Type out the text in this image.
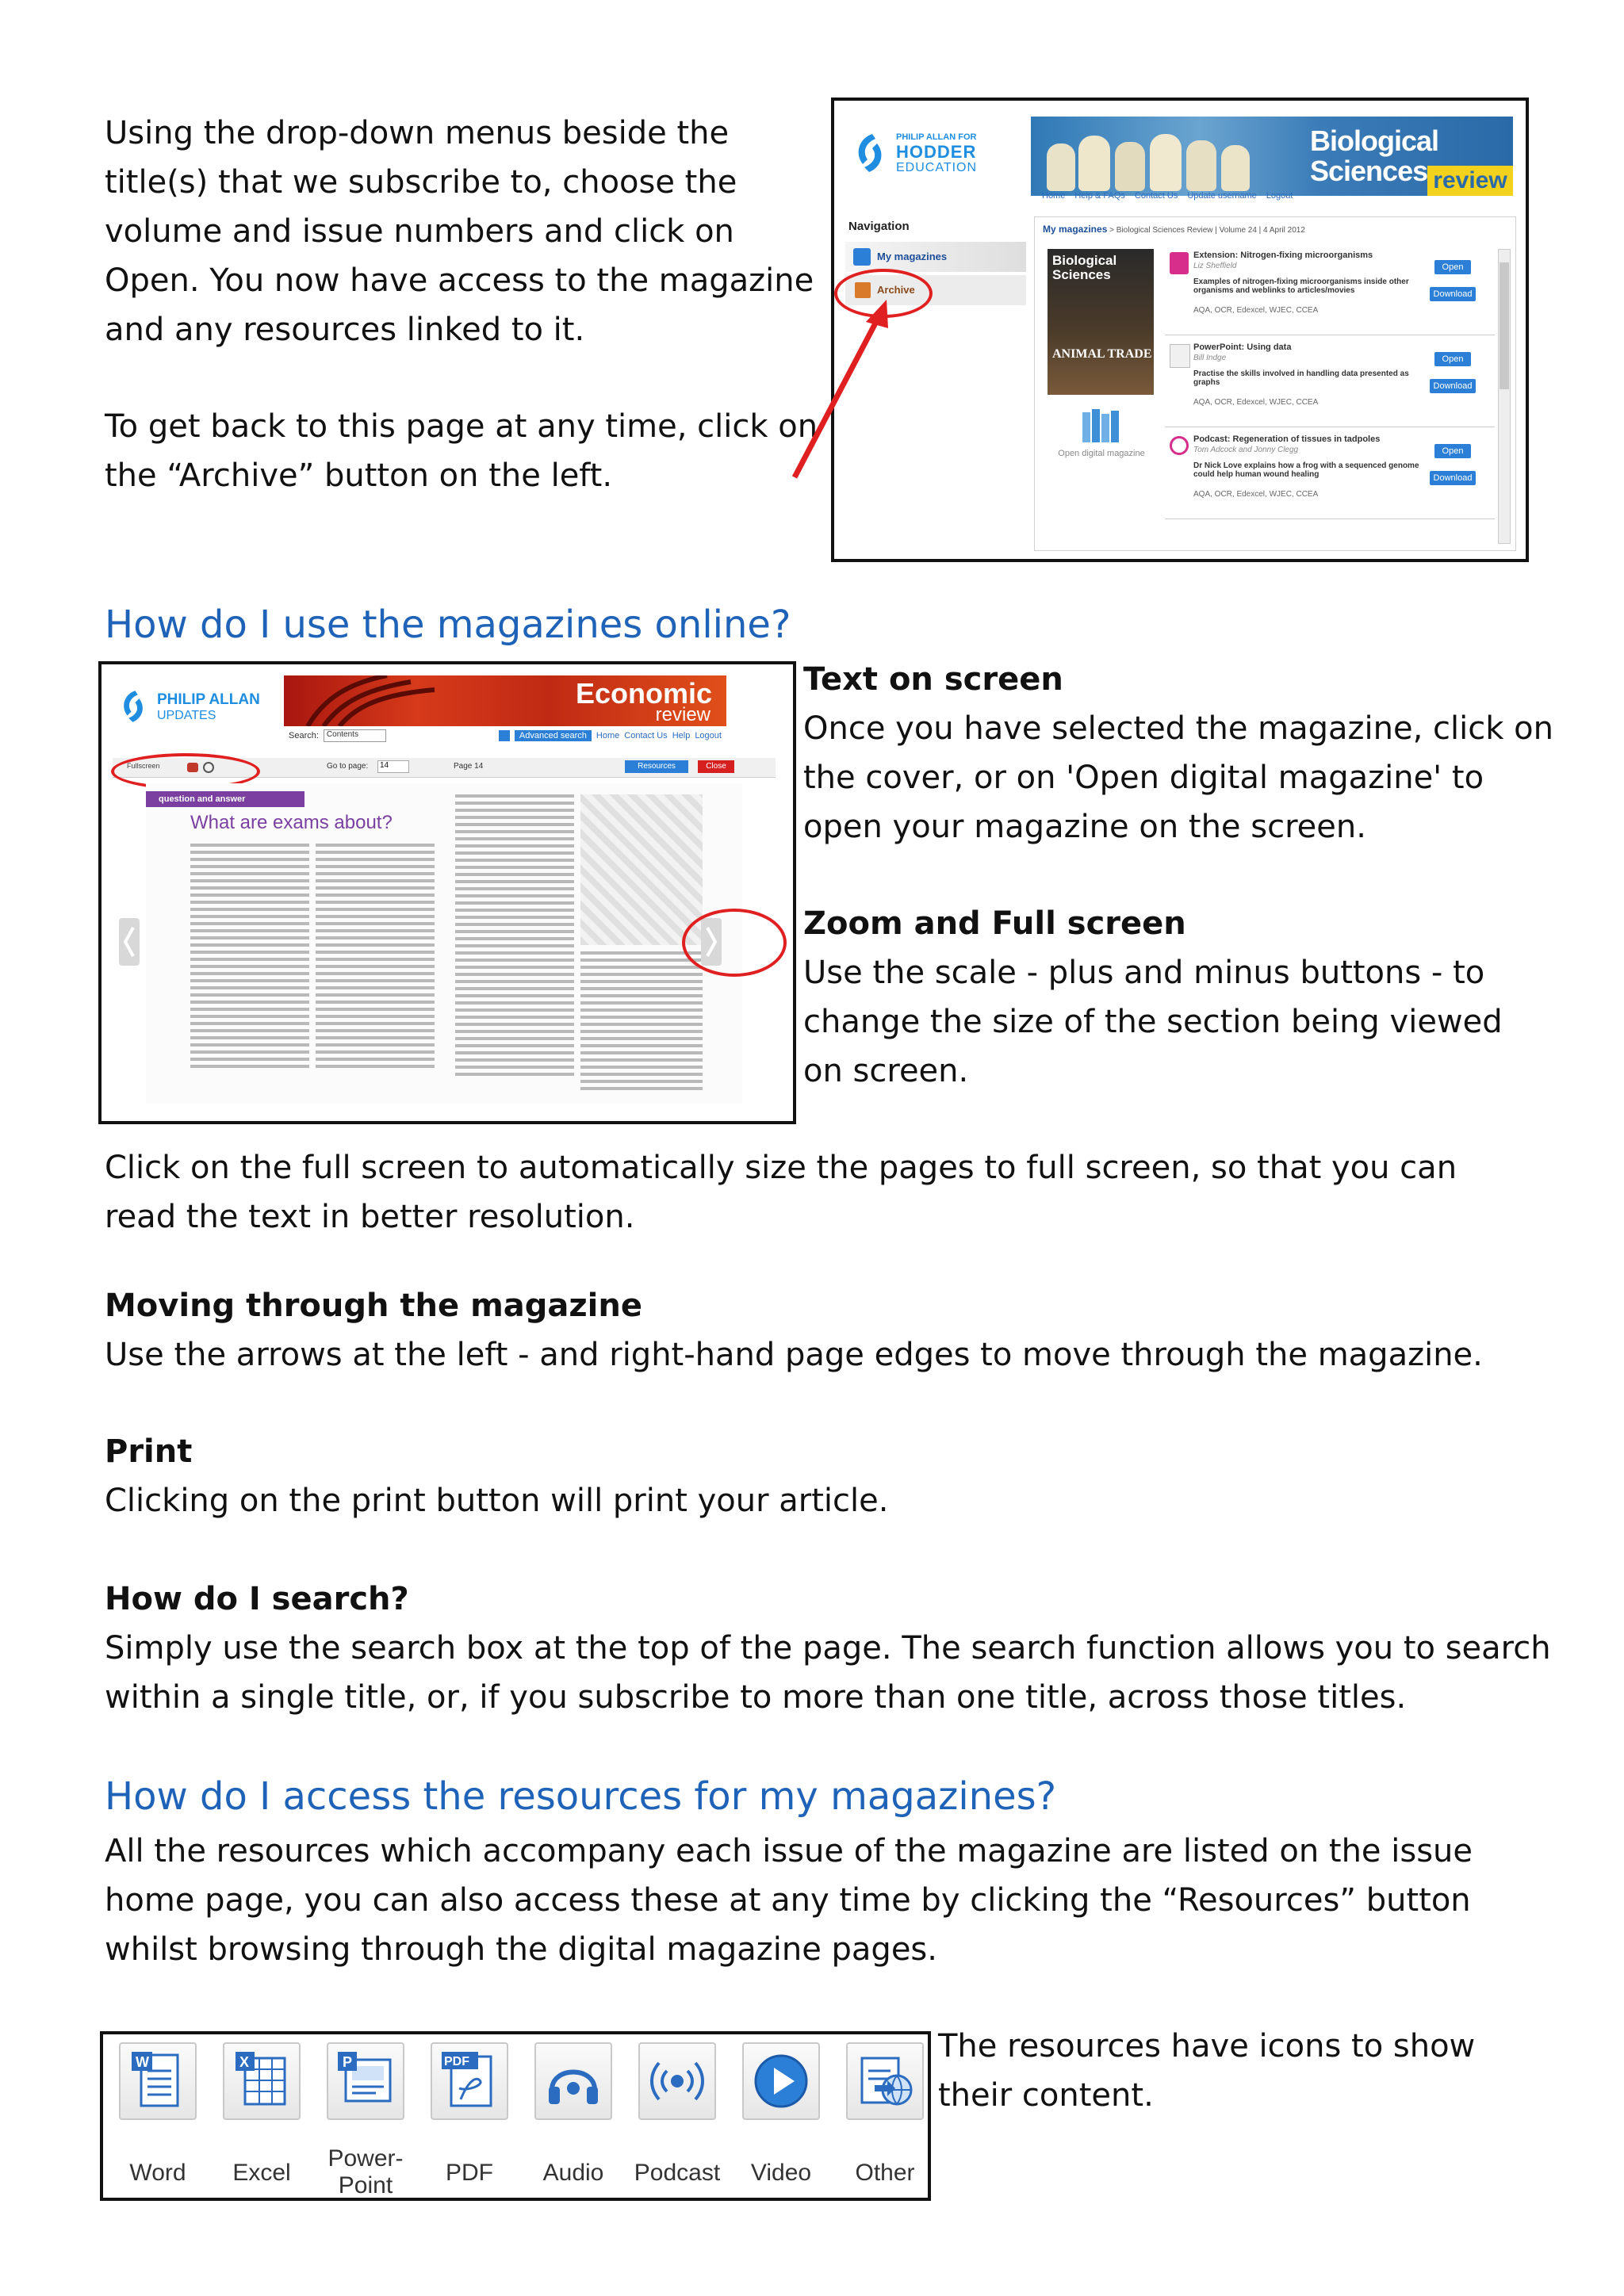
Using the drop-down menus beside the title(s) that we subscribe to, choose the volume and issue numbers and click on Open. You now have access to the magazine and any resources linked to it.

To get back to this page at any time, click on the “Archive” button on the left.

PHILIP ALLAN FOR
HODDER
EDUCATION
Biological
Sciences review
Home Help & FAQs Contact Us Update username Logout
Navigation
My magazines
Archive
My magazines > Biological Sciences Review | Volume 24 | 4 April 2012
Biological Sciences
ANIMAL TRADE
Open digital magazine
Extension: Nitrogen-fixing microorganisms
Liz Sheffield
Examples of nitrogen-fixing microorganisms inside other organisms and weblinks to articles/movies
AQA, OCR, Edexcel, WJEC, CCEA
Open
Download
PowerPoint: Using data
Bill Indge
Practise the skills involved in handling data presented as graphs
AQA, OCR, Edexcel, WJEC, CCEA
Open
Download
Podcast: Regeneration of tissues in tadpoles
Tom Adcock and Jonny Clegg
Dr Nick Love explains how a frog with a sequenced genome could help human wound healing
AQA, OCR, Edexcel, WJEC, CCEA
Open
Download
How do I use the magazines online?
PHILIP ALLAN
UPDATES
Economic
review
Search:	Contents	Advanced search	Home Contact Us Help Logout
Fullscreen	Go to page:	14	Page 14	Resources	Close
question and answer
What are exams about?

Text on screen

Once you have selected the magazine, click on the cover, or on 'Open digital magazine' to open your magazine on the screen.

Zoom and Full screen

Use the scale - plus and minus buttons - to change the size of the section being viewed on screen.

Click on the full screen to automatically size the pages to full screen, so that you can read the text in better resolution.

Moving through the magazine

Use the arrows at the left - and right-hand page edges to move through the magazine.

Print

Clicking on the print button will print your article.

How do I search?

Simply use the search box at the top of the page. The search function allows you to search within a single title, or, if you subscribe to more than one title, across those titles.

How do I access the resources for my magazines?

All the resources which accompany each issue of the magazine are listed on the issue home page, you can also access these at any time by clicking the “Resources” button whilst browsing through the digital magazine pages.

W
Word
X
Excel
P
Power-Point
PDF
PDF	Audio	Podcast	Video	Other

The resources have icons to show their content.
